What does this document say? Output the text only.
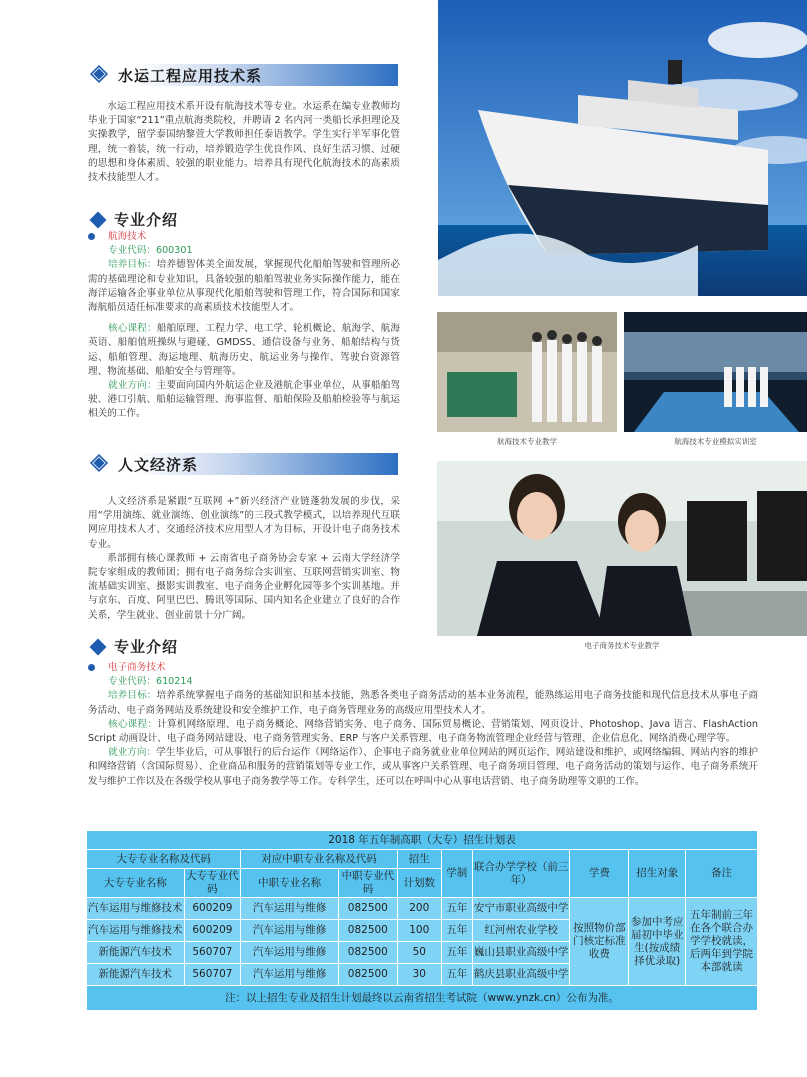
航海技术专业教学	航海技术专业模拟实训室
电子商务技术专业教学
水运工程应用技术系

水运工程应用技术系开设有航海技术等专业。水运系在编专业教师均毕业于国家“211”重点航海类院校，并聘请 2 名内河一类船长承担理论及实操教学，留学泰国纳黎萱大学教师担任泰语教学。学生实行半军事化管理，统一着装，统一行动，培养锻造学生优良作风、良好生活习惯、过硬的思想和身体素质、较强的职业能力。培养具有现代化航海技术的高素质技术技能型人才。

专业介绍
航海技术
专业代码：600301
培养目标：培养德智体美全面发展，掌握现代化船舶驾驶和管理所必需的基础理论和专业知识，具备较强的船舶驾驶业务实际操作能力，能在海洋运输各企事业单位从事现代化船舶驾驶和管理工作，符合国际和国家海航船员适任标准要求的高素质技术技能型人才。
核心课程：船舶原理、工程力学、电工学、轮机概论、航海学、航海英语、船舶值班操纵与避碰、GMDSS、通信设备与业务、船舶结构与货运、船舶管理、海运地理、航海历史、航运业务与操作、驾驶台资源管理、物流基础、船舶安全与管理等。
就业方向：主要面向国内外航运企业及港航企事业单位，从事船舶驾驶、港口引航、船舶运输管理、海事监督、船舶保险及船舶检验等与航运相关的工作。
人文经济系

人文经济系是紧跟“互联网 +”新兴经济产业链蓬勃发展的步伐，采用“学用演练、就业演练、创业演练”的三段式教学模式，以培养现代互联网应用技术人才、交通经济技术应用型人才为目标，开设计电子商务技术专业。

系部拥有核心课教师 + 云南省电子商务协会专家 + 云南大学经济学院专家组成的教师团；拥有电子商务综合实训室、互联网营销实训室、物流基础实训室、摄影实训教室、电子商务企业孵化园等多个实训基地。并与京东、百度、阿里巴巴、腾讯等国际、国内知名企业建立了良好的合作关系，学生就业、创业前景十分广阔。

专业介绍
电子商务技术
专业代码：610214
培养目标：培养系统掌握电子商务的基础知识和基本技能，熟悉各类电子商务活动的基本业务流程，能熟练运用电子商务技能和现代信息技术从事电子商务活动、电子商务网站及系统建设和安全维护工作、电子商务管理业务的高级应用型技术人才。
核心课程：计算机网络原理、电子商务概论、网络营销实务、电子商务、国际贸易概论、营销策划、网页设计、Photoshop、Java 语言、FlashAction Script 动画设计、电子商务网站建设、电子商务管理实务、ERP 与客户关系管理、电子商务物流管理企业经营与管理、企业信息化、网络消费心理学等。
就业方向：学生毕业后，可从事银行的后台运作（网络运作）、企事电子商务就业业单位网站的网页运作、网站建设和维护、或网络编辑、网站内容的维护和网络营销（含国际贸易）、企业商品和服务的营销策划等专业工作，或从事客户关系管理、电子商务项目管理、电子商务活动的策划与运作、电子商务系统开发与维护工作以及在各级学校从事电子商务教学等工作。专科学生，还可以在呼叫中心从事电话营销、电子商务助理等文职的工作。
2018 年五年制高职（大专）招生计划表									
大专专业名称及代码		对应中职专业名称及代码		招生	学制	联合办学学校（前三年）	学费	招生对象	备注
大专专业名称	大专专业代码	中职专业名称	中职专业代码	计划数					
汽车运用与维修技术	600209	汽车运用与维修	082500	200	五年	安宁市职业高级中学	按照物价部门核定标准收费	参加中考应届初中毕业生(按成绩择优录取)	五年制前三年在各个联合办学学校就读，后两年到学院本部就读
汽车运用与维修技术	600209	汽车运用与维修	082500	100	五年	红河州农业学校			
新能源汽车技术	560707	汽车运用与维修	082500	50	五年	巍山县职业高级中学			
新能源汽车技术	560707	汽车运用与维修	082500	30	五年	鹤庆县职业高级中学			
注：以上招生专业及招生计划最终以云南省招生考试院（www.ynzk.cn）公布为准。									
